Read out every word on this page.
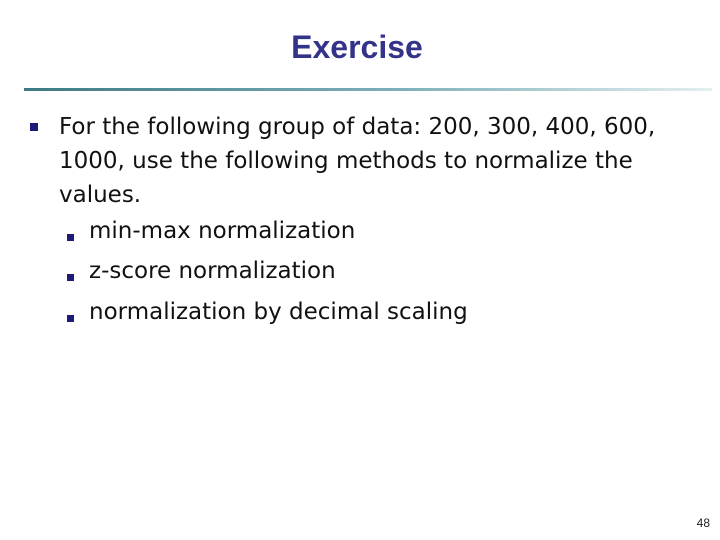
Exercise
For the following group of data: 200, 300, 400, 600, 1000, use the following methods to normalize the values.
min-max normalization
z-score normalization
normalization by decimal scaling
48
